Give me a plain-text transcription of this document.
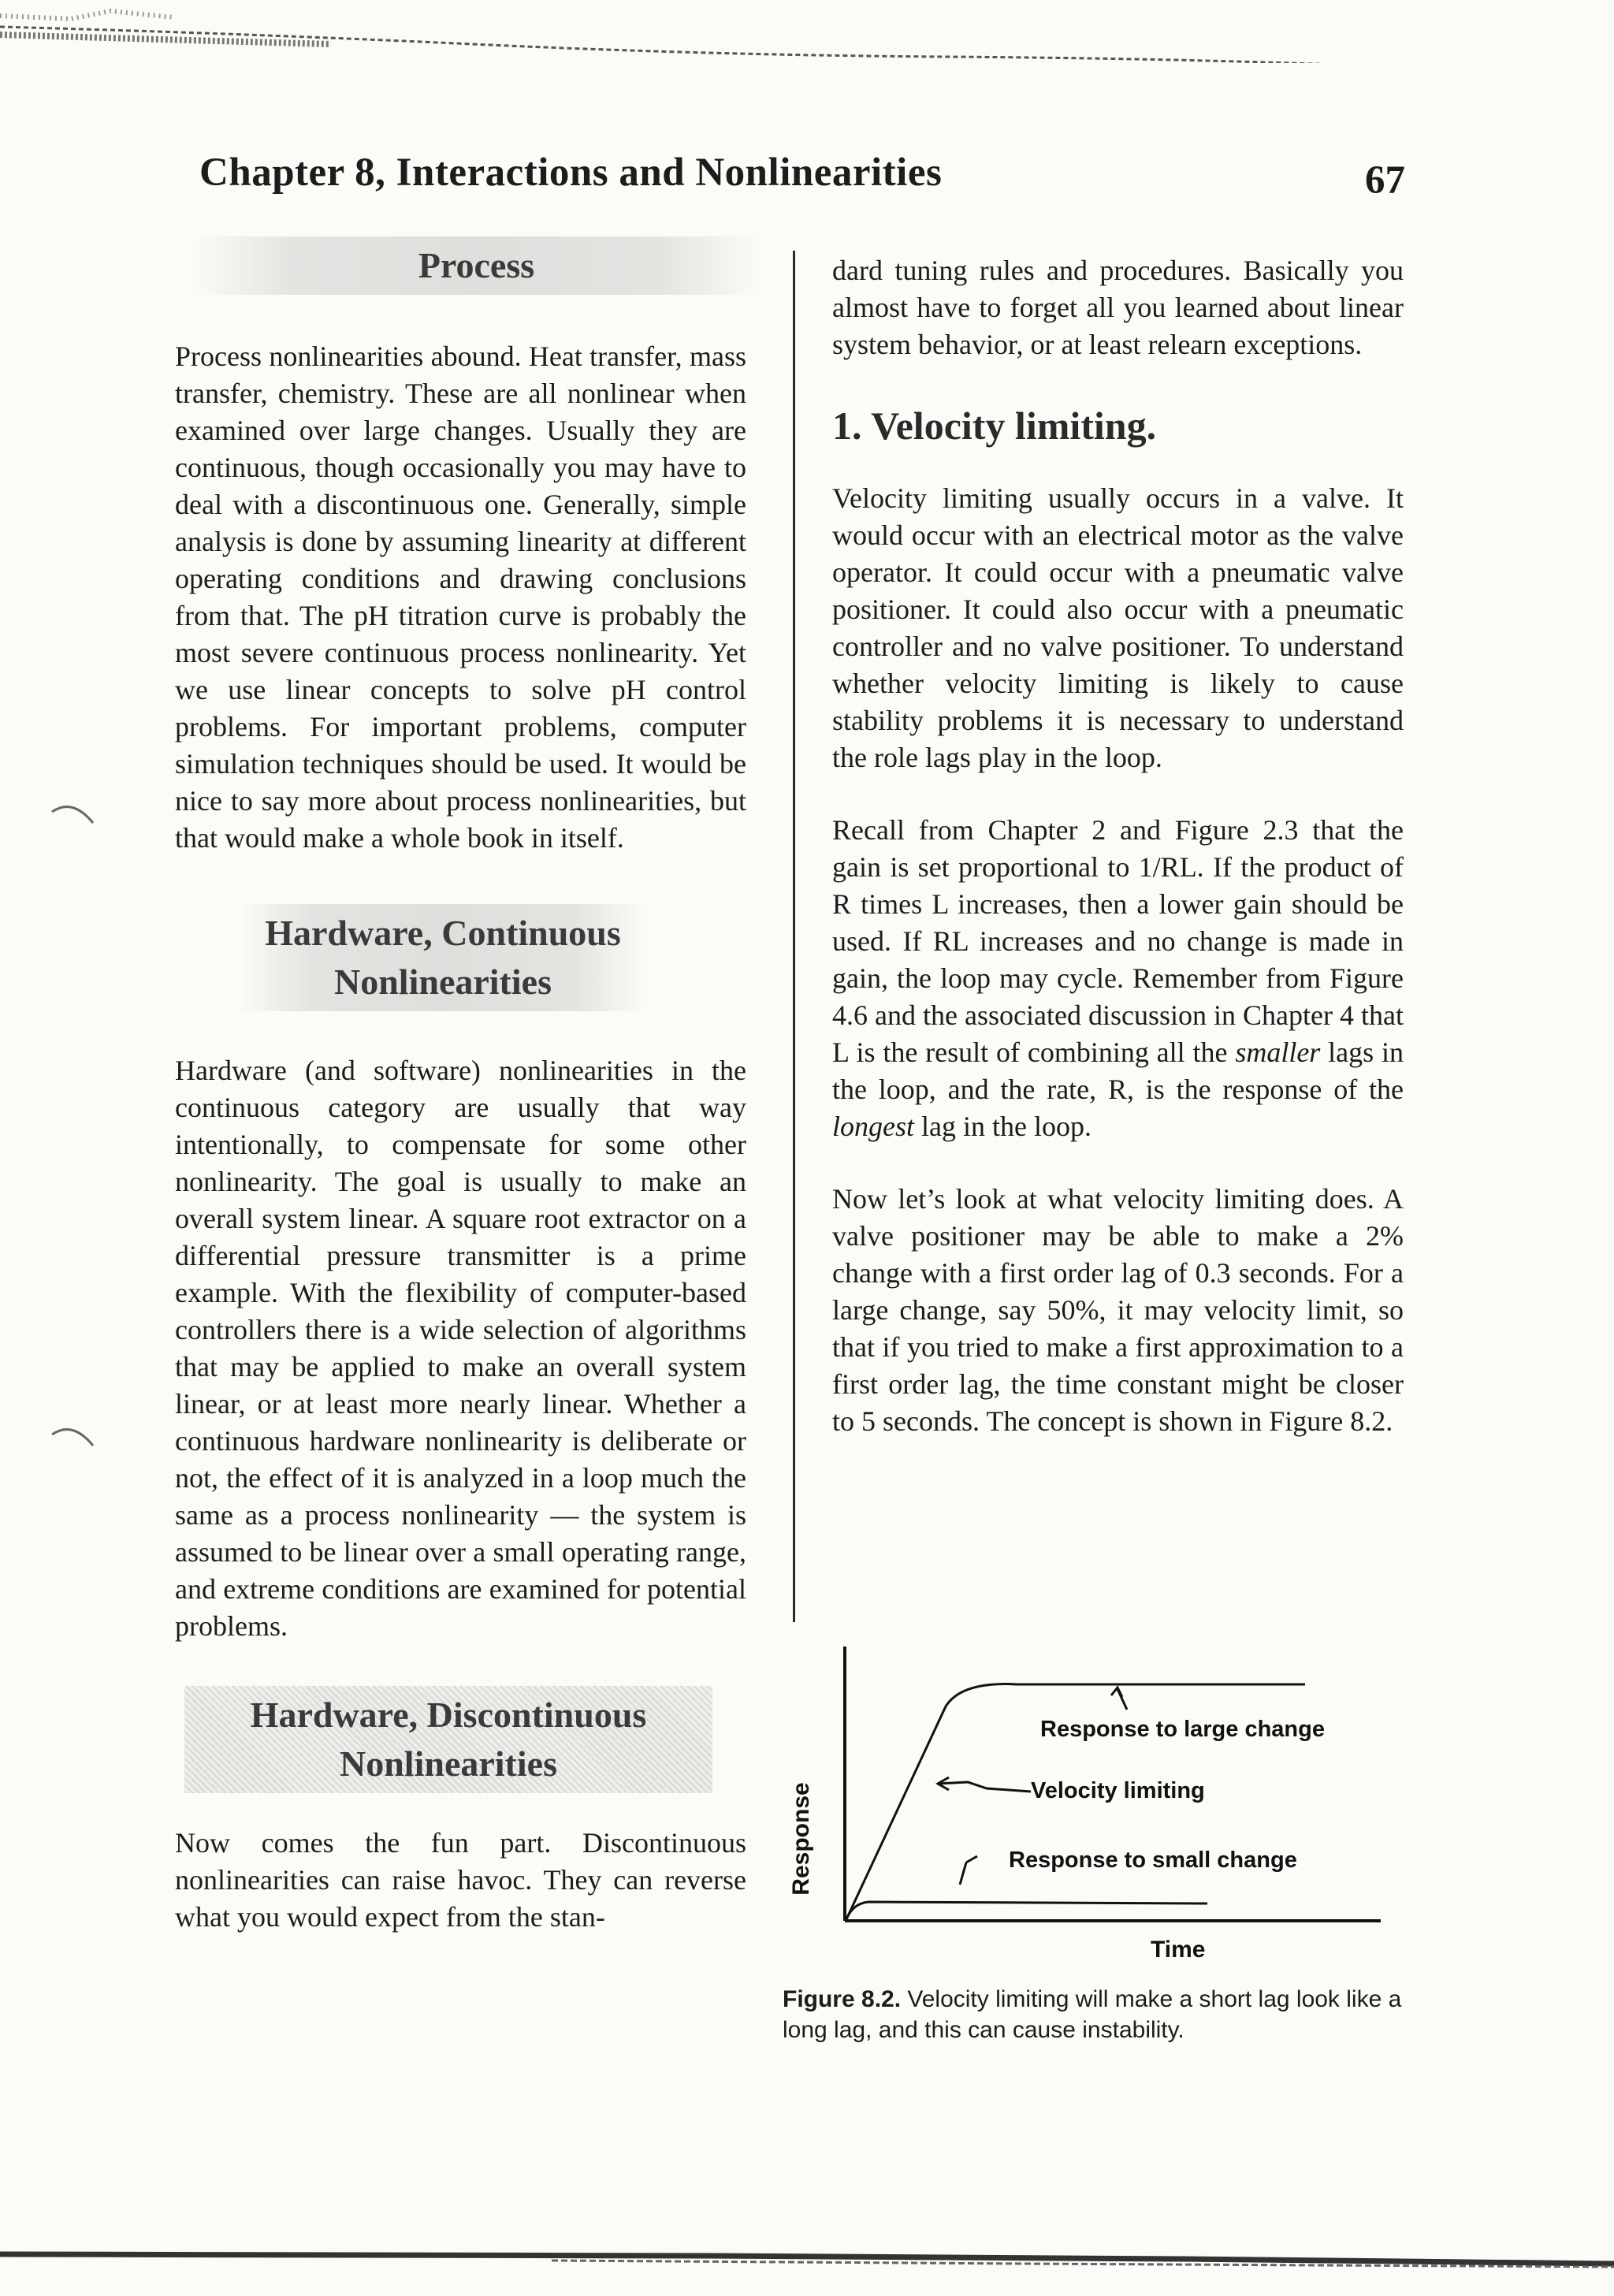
Chapter 8, Interactions and Nonlinearities	67
Process

Process nonlinearities abound. Heat transfer, mass transfer, chemistry. These are all nonlinear when examined over large changes. Usually they are continuous, though occasionally you may have to deal with a discontinuous one. Generally, simple analysis is done by assuming linearity at different operating conditions and drawing conclusions from that. The pH titration curve is probably the most severe continuous process nonlinearity. Yet we use linear concepts to solve pH control problems. For important problems, computer simulation techniques should be used. It would be nice to say more about process nonlinearities, but that would make a whole book in itself.

Hardware, Continuous
Nonlinearities

Hardware (and software) nonlinearities in the continuous category are usually that way intentionally, to compensate for some other nonlinearity. The goal is usually to make an overall system linear. A square root extractor on a differential pressure transmitter is a prime example. With the flexibility of computer-based controllers there is a wide selection of algorithms that may be applied to make an overall system linear, or at least more nearly linear. Whether a continuous hardware nonlinearity is deliberate or not, the effect of it is analyzed in a loop much the same as a process nonlinearity — the system is assumed to be linear over a small operating range, and extreme conditions are examined for potential problems.

Hardware, Discontinuous
Nonlinearities

Now comes the fun part. Discontinuous nonlinearities can raise havoc. They can reverse what you would expect from the stan-

dard tuning rules and procedures. Basically you almost have to forget all you learned about linear system behavior, or at least relearn exceptions.

1. Velocity limiting.

Velocity limiting usually occurs in a valve. It would occur with an electrical motor as the valve operator. It could occur with a pneumatic valve positioner. It could also occur with a pneumatic controller and no valve positioner. To understand whether velocity limiting is likely to cause stability problems it is necessary to understand the role lags play in the loop.

Recall from Chapter 2 and Figure 2.3 that the gain is set proportional to 1/RL. If the product of R times L increases, then a lower gain should be used. If RL increases and no change is made in gain, the loop may cycle. Remember from Figure 4.6 and the associated discussion in Chapter 4 that L is the result of combining all the smaller lags in the loop, and the rate, R, is the response of the longest lag in the loop.

Now let’s look at what velocity limiting does. A valve positioner may be able to make a 2% change with a first order lag of 0.3 seconds. For a large change, say 50%, it may velocity limit, so that if you tried to make a first approximation to a first order lag, the time constant might be closer to 5 seconds. The concept is shown in Figure 8.2.

Response
Response to large change
Velocity limiting
Response to small change
Time
Figure 8.2. Velocity limiting will make a short lag look like a long lag, and this can cause instability.
